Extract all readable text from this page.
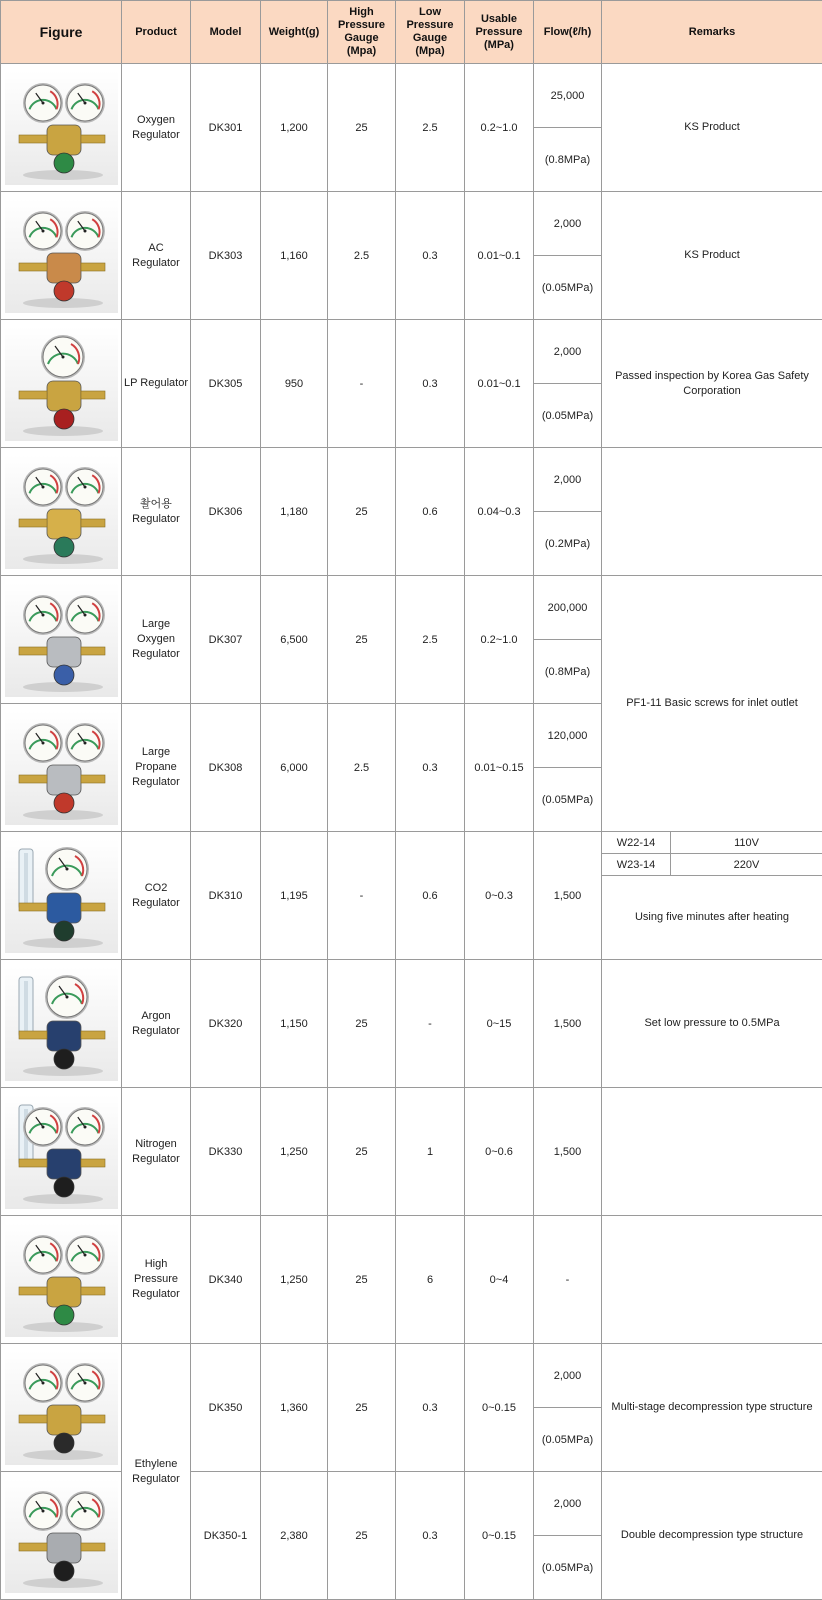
Figure	Product	Model	Weight(g)	High Pressure Gauge (Mpa)	Low Pressure Gauge (Mpa)	Usable Pressure (MPa)	Flow(ℓ/h)	Remarks	

	Oxygen Regulator	DK301	1,200	25	2.5	0.2~1.0	25,000	KS Product	
							(0.8MPa)		

	AC Regulator	DK303	1,160	2.5	0.3	0.01~0.1	2,000	KS Product	
							(0.05MPa)		

	LP Regulator	DK305	950	-	0.3	0.01~0.1	2,000	Passed inspection by Korea Gas Safety Corporation	
							(0.05MPa)		

	촬어용 Regulator	DK306	1,180	25	0.6	0.04~0.3	2,000		
							(0.2MPa)		

	Large Oxygen Regulator	DK307	6,500	25	2.5	0.2~1.0	200,000	PF1-11 Basic screws for inlet outlet	
							(0.8MPa)		

	Large Propane Regulator	DK308	6,000	2.5	0.3	0.01~0.15	120,000		
							(0.05MPa)		

	CO2 Regulator	DK310	1,195	-	0.6	0~0.3	1,500	W22-14	110V
								W23-14	220V
								Using five minutes after heating	

	Argon Regulator	DK320	1,150	25	-	0~15	1,500	Set low pressure to 0.5MPa	

	Nitrogen Regulator	DK330	1,250	25	1	0~0.6	1,500		

	High Pressure Regulator	DK340	1,250	25	6	0~4	-		

	Ethylene Regulator	DK350	1,360	25	0.3	0~0.15	2,000	Multi-stage decompression type structure	
							(0.05MPa)		

	DK350-1	2,380	25	0.3	0~0.15	2,000	Double decompression type structure	
							(0.05MPa)		
